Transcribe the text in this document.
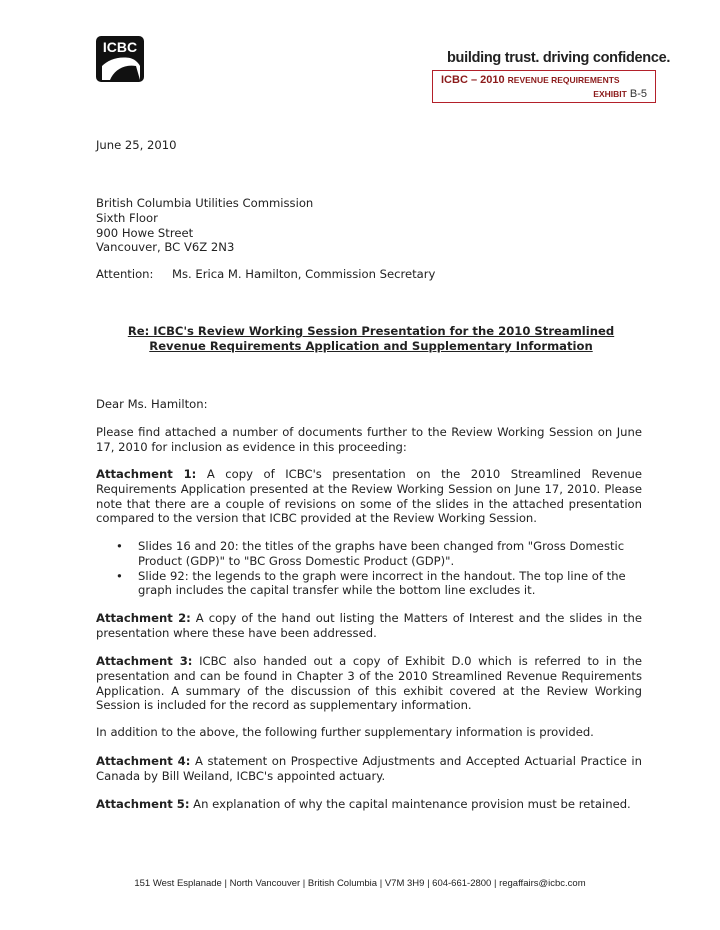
ICBC
building trust. driving confidence.
ICBC – 2010 REVENUE REQUIREMENTS
EXHIBIT B-5
June 25, 2010
British Columbia Utilities Commission
Sixth Floor
900 Howe Street
Vancouver, BC V6Z 2N3
Attention: Ms. Erica M. Hamilton, Commission Secretary
Re: ICBC's Review Working Session Presentation for the 2010 Streamlined
Revenue Requirements Application and Supplementary Information
Dear Ms. Hamilton:
Please find attached a number of documents further to the Review Working Session on June 17, 2010 for inclusion as evidence in this proceeding:
Attachment 1: A copy of ICBC's presentation on the 2010 Streamlined Revenue Requirements Application presented at the Review Working Session on June 17, 2010. Please note that there are a couple of revisions on some of the slides in the attached presentation compared to the version that ICBC provided at the Review Working Session.
• Slides 16 and 20: the titles of the graphs have been changed from "Gross Domestic Product (GDP)" to "BC Gross Domestic Product (GDP)".
• Slide 92: the legends to the graph were incorrect in the handout. The top line of the graph includes the capital transfer while the bottom line excludes it.
Attachment 2: A copy of the hand out listing the Matters of Interest and the slides in the presentation where these have been addressed.
Attachment 3: ICBC also handed out a copy of Exhibit D.0 which is referred to in the presentation and can be found in Chapter 3 of the 2010 Streamlined Revenue Requirements Application. A summary of the discussion of this exhibit covered at the Review Working Session is included for the record as supplementary information.
In addition to the above, the following further supplementary information is provided.
Attachment 4: A statement on Prospective Adjustments and Accepted Actuarial Practice in Canada by Bill Weiland, ICBC's appointed actuary.
Attachment 5: An explanation of why the capital maintenance provision must be retained.
151 West Esplanade | North Vancouver | British Columbia | V7M 3H9 | 604-661-2800 | regaffairs@icbc.com
